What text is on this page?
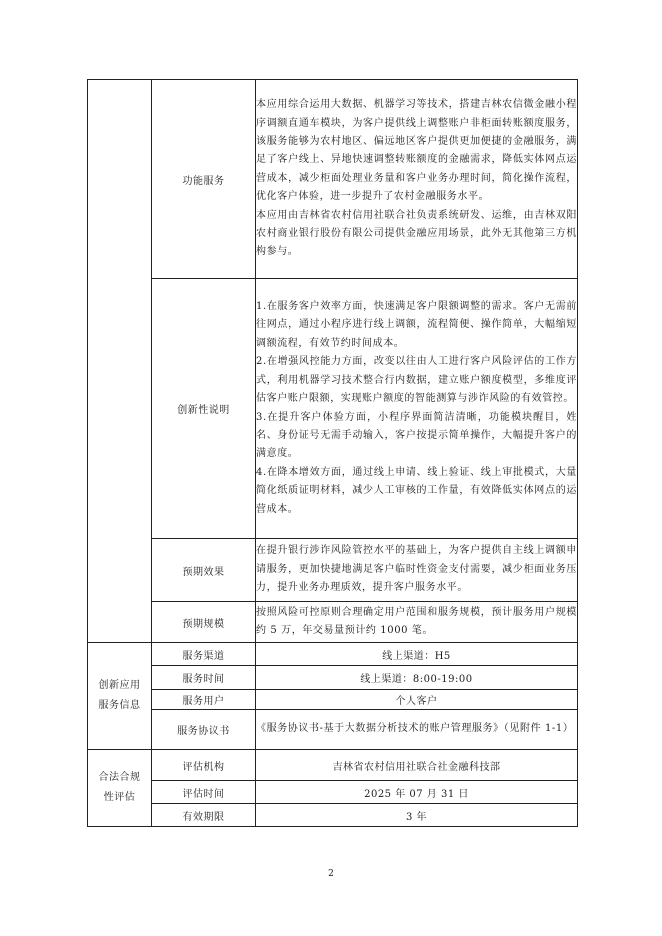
	功能服务	本应用综合运用大数据、机器学习等技术，搭建吉林农信微金融小程序调额直通车模块，为客户提供线上调整账户非柜面转账额度服务，该服务能够为农村地区、偏远地区客户提供更加便捷的金融服务，满足了客户线上、异地快速调整转账额度的金融需求，降低实体网点运营成本，减少柜面处理业务量和客户业务办理时间，简化操作流程，优化客户体验，进一步提升了农村金融服务水平。

本应用由吉林省农村信用社联合社负责系统研发、运维，由吉林双阳农村商业银行股份有限公司提供金融应用场景，此外无其他第三方机构参与。

	创新性说明	1.在服务客户效率方面，快速满足客户限额调整的需求。客户无需前往网点，通过小程序进行线上调额，流程简便、操作简单，大幅缩短调额流程，有效节约时间成本。

2.在增强风控能力方面，改变以往由人工进行客户风险评估的工作方式，利用机器学习技术整合行内数据，建立账户额度模型，多维度评估客户账户限额，实现账户额度的智能测算与涉诈风险的有效管控。

3.在提升客户体验方面，小程序界面简洁清晰，功能模块醒目，姓名、身份证号无需手动输入，客户按提示简单操作，大幅提升客户的满意度。

4.在降本增效方面，通过线上申请、线上验证、线上审批模式，大量简化纸质证明材料，减少人工审核的工作量，有效降低实体网点的运营成本。

	预期效果	在提升银行涉诈风险管控水平的基础上，为客户提供自主线上调额申请服务，更加快捷地满足客户临时性资金支付需要，减少柜面业务压力，提升业务办理质效，提升客户服务水平。
	预期规模	按照风险可控原则合理确定用户范围和服务规模，预计服务用户规模约 5 万，年交易量预计约 1000 笔。

创新应用
服务信息	服务渠道	线上渠道：H5
	服务时间	线上渠道：8:00-19:00
	服务用户	个人客户
	服务协议书	《服务协议书-基于大数据分析技术的账户管理服务》（见附件 1-1）

合法合规
性评估	评估机构	吉林省农村信用社联合社金融科技部
	评估时间	2025 年 07 月 31 日
	有效期限	3 年
2
